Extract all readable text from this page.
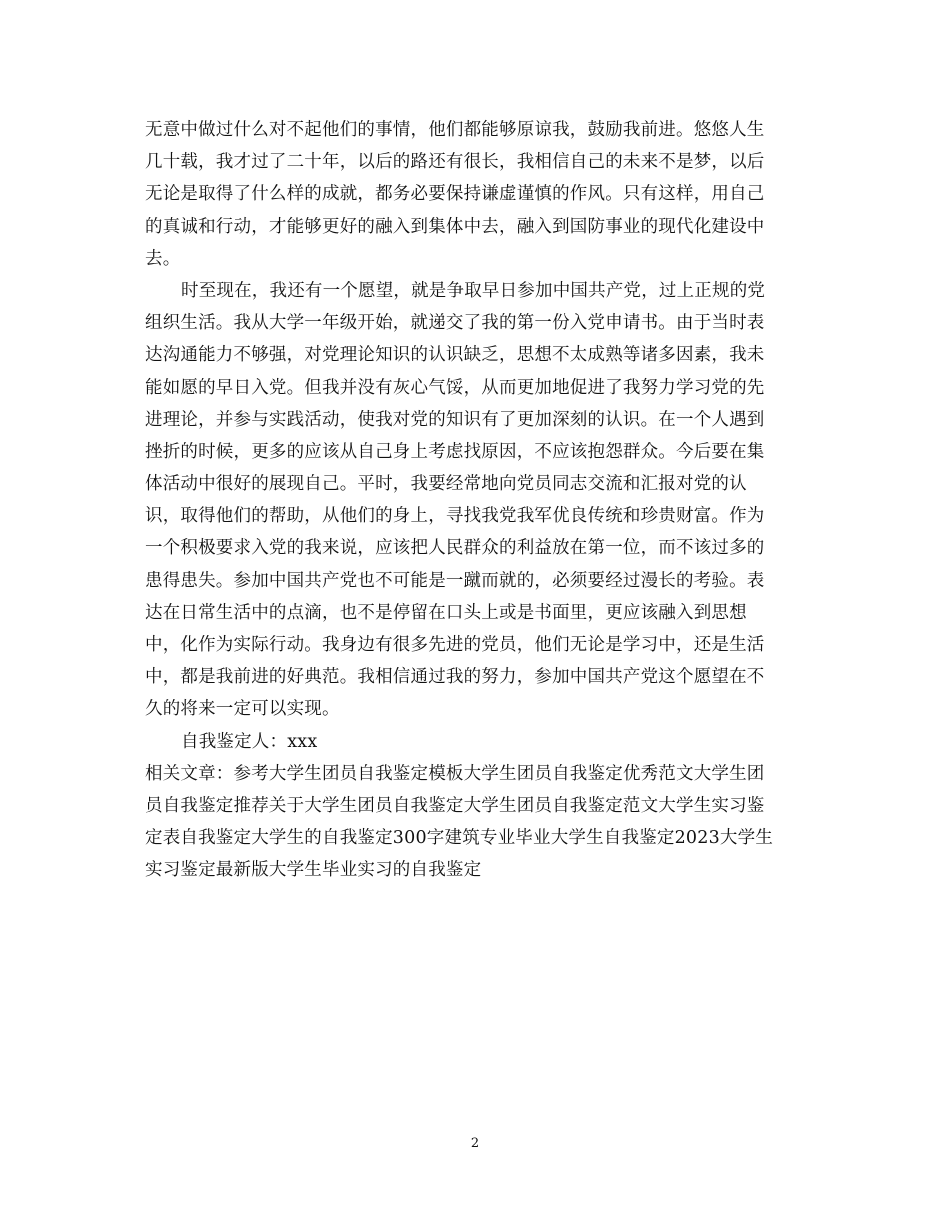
无意中做过什么对不起他们的事情，他们都能够原谅我，鼓励我前进。悠悠人生
几十载，我才过了二十年，以后的路还有很长，我相信自己的未来不是梦，以后
无论是取得了什么样的成就，都务必要保持谦虚谨慎的作风。只有这样，用自己
的真诚和行动，才能够更好的融入到集体中去，融入到国防事业的现代化建设中
去。
时至现在，我还有一个愿望，就是争取早日参加中国共产党，过上正规的党
组织生活。我从大学一年级开始，就递交了我的第一份入党申请书。由于当时表
达沟通能力不够强，对党理论知识的认识缺乏，思想不太成熟等诸多因素，我未
能如愿的早日入党。但我并没有灰心气馁，从而更加地促进了我努力学习党的先
进理论，并参与实践活动，使我对党的知识有了更加深刻的认识。在一个人遇到
挫折的时候，更多的应该从自己身上考虑找原因，不应该抱怨群众。今后要在集
体活动中很好的展现自己。平时，我要经常地向党员同志交流和汇报对党的认
识，取得他们的帮助，从他们的身上，寻找我党我军优良传统和珍贵财富。作为
一个积极要求入党的我来说，应该把人民群众的利益放在第一位，而不该过多的
患得患失。参加中国共产党也不可能是一蹴而就的，必须要经过漫长的考验。表
达在日常生活中的点滴，也不是停留在口头上或是书面里，更应该融入到思想
中，化作为实际行动。我身边有很多先进的党员，他们无论是学习中，还是生活
中，都是我前进的好典范。我相信通过我的努力，参加中国共产党这个愿望在不
久的将来一定可以实现。
自我鉴定人：xxx
相关文章：参考大学生团员自我鉴定模板大学生团员自我鉴定优秀范文大学生团
员自我鉴定推荐关于大学生团员自我鉴定大学生团员自我鉴定范文大学生实习鉴
定表自我鉴定大学生的自我鉴定300字建筑专业毕业大学生自我鉴定2023大学生
实习鉴定最新版大学生毕业实习的自我鉴定
2
